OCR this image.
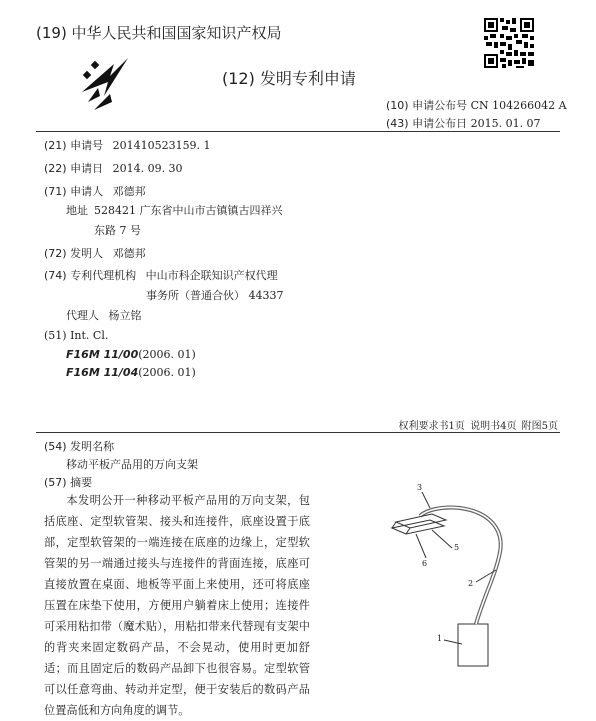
(19) 中华人民共和国国家知识产权局
(12) 发明专利申请
(10) 申请公布号 CN 104266042 A
(43) 申请公布日 2015. 01. 07
(21) 申请号 201410523159. 1
(22) 申请日 2014. 09. 30
(71) 申请人 邓德邦
地址 528421 广东省中山市古镇镇古四祥兴
东路 7 号
(72) 发明人 邓德邦
(74) 专利代理机构 中山市科企联知识产权代理
事务所（普通合伙） 44337
代理人 杨立铭
(51) Int. Cl.
F16M 11/00(2006. 01)
F16M 11/04(2006. 01)
权利要求书1页 说明书4页 附图5页
(54) 发明名称
移动平板产品用的万向支架
(57) 摘要

本发明公开一种移动平板产品用的万向支架，包括底座、定型软管架、接头和连接件，底座设置于底部，定型软管架的一端连接在底座的边缘上，定型软管架的另一端通过接头与连接件的背面连接，底座可直接放置在桌面、地板等平面上来使用，还可将底座压置在床垫下使用，方便用户躺着床上使用；连接件可采用粘扣带（魔术贴），用粘扣带来代替现有支架中的背夹来固定数码产品，不会晃动，使用时更加舒适；而且固定后的数码产品卸下也很容易。定型软管可以任意弯曲、转动并定型，便于安装后的数码产品位置高低和方向角度的调节。

3
5
6
2
1
